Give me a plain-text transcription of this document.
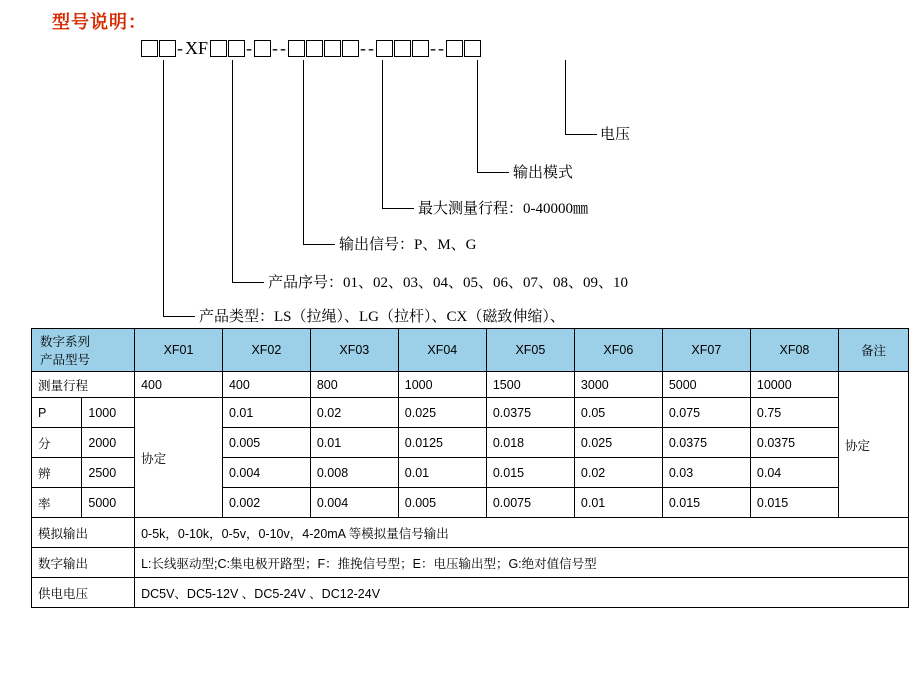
型号说明：
- XF - - -	- -	- -
电压
输出模式
最大测量行程：0-40000㎜
输出信号：P、M、G
产品序号：01、02、03、04、05、06、07、08、09、10
产品类型：LS（拉绳）、LG（拉杆）、CX（磁致伸缩）、
数字系列
产品型号		XF01	XF02	XF03	XF04	XF05	XF06	XF07	XF08	备注
测量行程		400	400	800	1000	1500	3000	5000	10000	协定
P	1000	协定	0.01	0.02	0.025	0.0375	0.05	0.075	0.75	
分	2000		0.005	0.01	0.0125	0.018	0.025	0.0375	0.0375	
辨	2500		0.004	0.008	0.01	0.015	0.02	0.03	0.04	
率	5000		0.002	0.004	0.005	0.0075	0.01	0.015	0.015	
模拟输出		0-5k，0-10k，0-5v，0-10v，4-20mA 等模拟量信号输出								
数字输出		L:长线驱动型;C:集电极开路型；F：推挽信号型；E：电压输出型；G:绝对值信号型								
供电电压		DC5V、DC5-12V 、DC5-24V 、DC12-24V								
